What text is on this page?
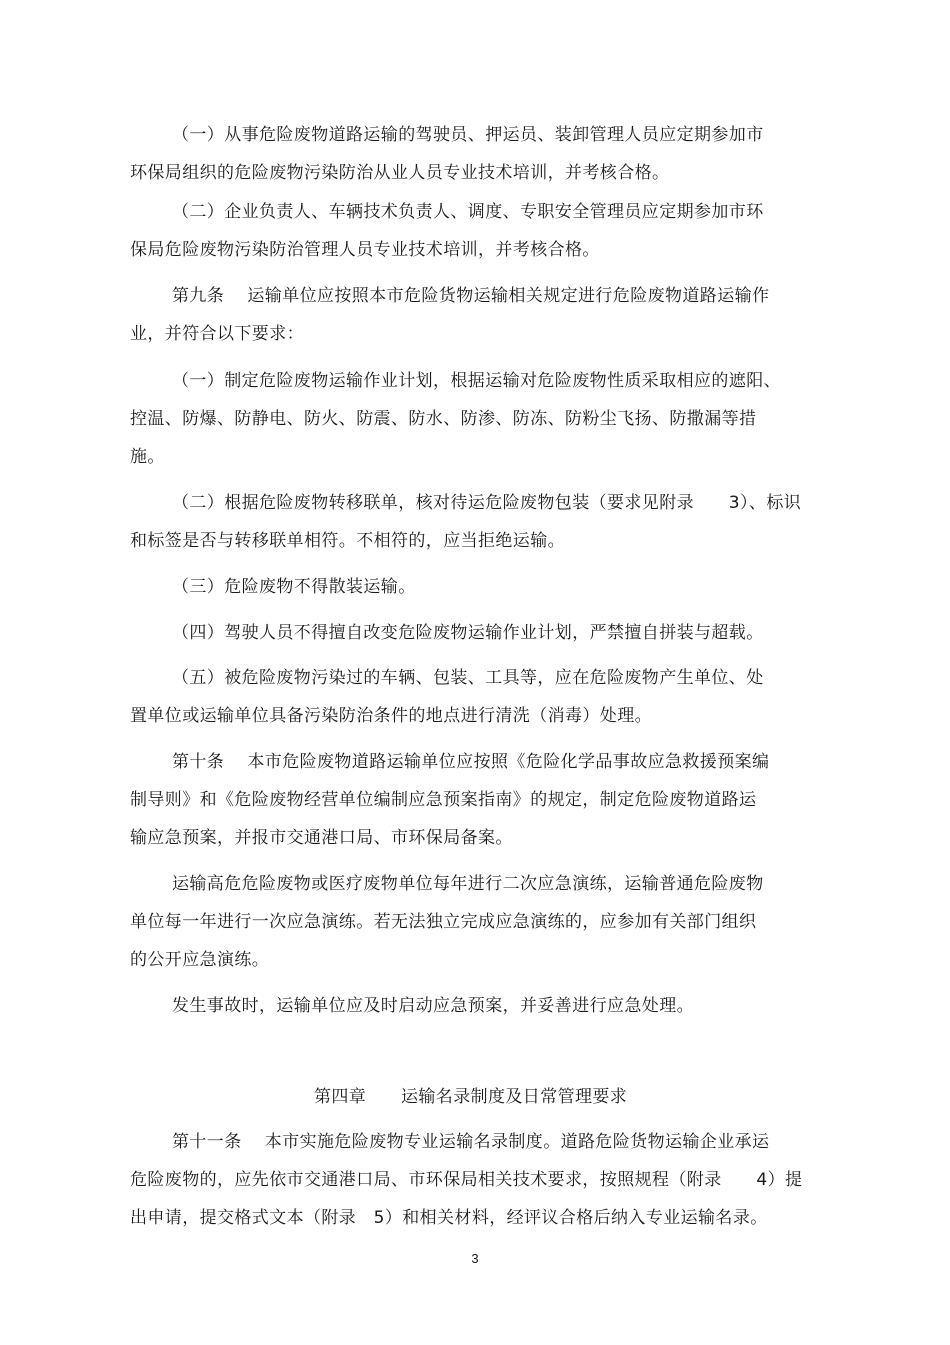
（一）从事危险废物道路运输的驾驶员、押运员、装卸管理人员应定期参加市
环保局组织的危险废物污染防治从业人员专业技术培训，并考核合格。
（二）企业负责人、车辆技术负责人、调度、专职安全管理员应定期参加市环
保局危险废物污染防治管理人员专业技术培训，并考核合格。
第九条　 运输单位应按照本市危险货物运输相关规定进行危险废物道路运输作
业，并符合以下要求：
（一）制定危险废物运输作业计划，根据运输对危险废物性质采取相应的遮阳、
控温、防爆、防静电、防火、防震、防水、防渗、防冻、防粉尘飞扬、防撒漏等措
施。
（二）根据危险废物转移联单，核对待运危险废物包装（要求见附录　　3）、标识
和标签是否与转移联单相符。不相符的，应当拒绝运输。
（三）危险废物不得散装运输。
（四）驾驶人员不得擅自改变危险废物运输作业计划，严禁擅自拼装与超载。
（五）被危险废物污染过的车辆、包装、工具等，应在危险废物产生单位、处
置单位或运输单位具备污染防治条件的地点进行清洗（消毒）处理。
第十条　 本市危险废物道路运输单位应按照《危险化学品事故应急救援预案编
制导则》和《危险废物经营单位编制应急预案指南》的规定，制定危险废物道路运
输应急预案，并报市交通港口局、市环保局备案。
运输高危危险废物或医疗废物单位每年进行二次应急演练，运输普通危险废物
单位每一年进行一次应急演练。若无法独立完成应急演练的，应参加有关部门组织
的公开应急演练。
发生事故时，运输单位应及时启动应急预案，并妥善进行应急处理。
第四章　　运输名录制度及日常管理要求
第十一条　 本市实施危险废物专业运输名录制度。道路危险货物运输企业承运
危险废物的，应先依市交通港口局、市环保局相关技术要求，按照规程（附录　　4）提
出申请，提交格式文本（附录　5）和相关材料，经评议合格后纳入专业运输名录。
3
